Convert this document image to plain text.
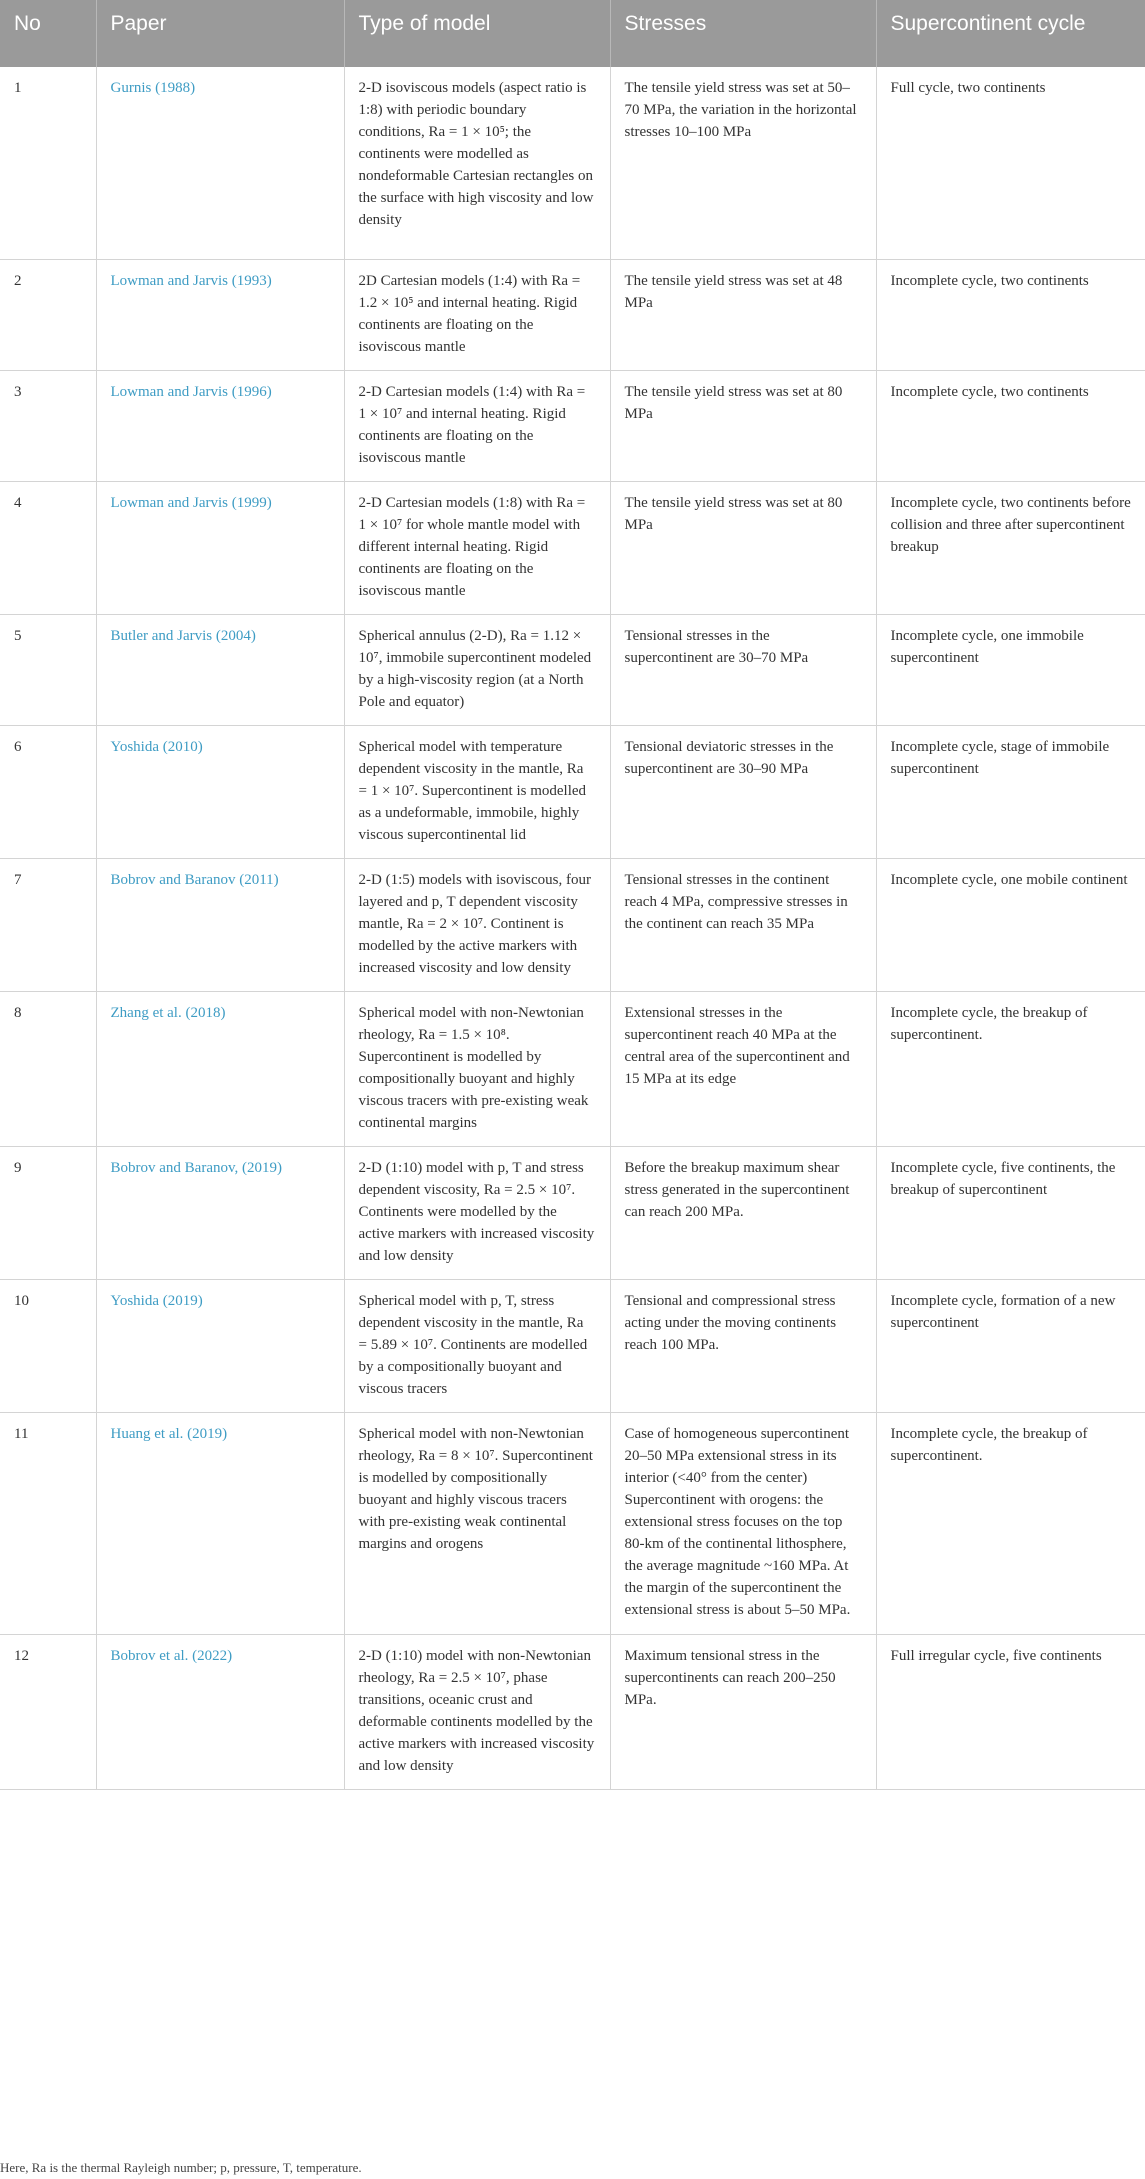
No	Paper	Type of model	Stresses	Supercontinent cycle
1	Gurnis (1988)	2-D isoviscous models (aspect ratio is 1:8) with periodic boundary conditions, Ra = 1 × 10⁵; the continents were modelled as nondeformable Cartesian rectangles on the surface with high viscosity and low density	The tensile yield stress was set at 50–70 MPa, the variation in the horizontal stresses 10–100 MPa	Full cycle, two continents
2	Lowman and Jarvis (1993)	2D Cartesian models (1:4) with Ra = 1.2 × 10⁵ and internal heating. Rigid continents are floating on the isoviscous mantle	The tensile yield stress was set at 48 MPa	Incomplete cycle, two continents
3	Lowman and Jarvis (1996)	2-D Cartesian models (1:4) with Ra = 1 × 10⁷ and internal heating. Rigid continents are floating on the isoviscous mantle	The tensile yield stress was set at 80 MPa	Incomplete cycle, two continents
4	Lowman and Jarvis (1999)	2-D Cartesian models (1:8) with Ra = 1 × 10⁷ for whole mantle model with different internal heating. Rigid continents are floating on the isoviscous mantle	The tensile yield stress was set at 80 MPa	Incomplete cycle, two continents before collision and three after supercontinent breakup
5	Butler and Jarvis (2004)	Spherical annulus (2-D), Ra = 1.12 × 10⁷, immobile supercontinent modeled by a high-viscosity region (at a North Pole and equator)	Tensional stresses in the supercontinent are 30–70 MPa	Incomplete cycle, one immobile supercontinent
6	Yoshida (2010)	Spherical model with temperature dependent viscosity in the mantle, Ra = 1 × 10⁷. Supercontinent is modelled as a undeformable, immobile, highly viscous supercontinental lid	Tensional deviatoric stresses in the supercontinent are 30–90 MPa	Incomplete cycle, stage of immobile supercontinent
7	Bobrov and Baranov (2011)	2-D (1:5) models with isoviscous, four layered and p, T dependent viscosity mantle, Ra = 2 × 10⁷. Continent is modelled by the active markers with increased viscosity and low density	Tensional stresses in the continent reach 4 MPa, compressive stresses in the continent can reach 35 MPa	Incomplete cycle, one mobile continent
8	Zhang et al. (2018)	Spherical model with non-Newtonian rheology, Ra = 1.5 × 10⁸. Supercontinent is modelled by compositionally buoyant and highly viscous tracers with pre-existing weak continental margins	Extensional stresses in the supercontinent reach 40 MPa at the central area of the supercontinent and 15 MPa at its edge	Incomplete cycle, the breakup of supercontinent.
9	Bobrov and Baranov, (2019)	2-D (1:10) model with p, T and stress dependent viscosity, Ra = 2.5 × 10⁷. Continents were modelled by the active markers with increased viscosity and low density	Before the breakup maximum shear stress generated in the supercontinent can reach 200 MPa.	Incomplete cycle, five continents, the breakup of supercontinent
10	Yoshida (2019)	Spherical model with p, T, stress dependent viscosity in the mantle, Ra = 5.89 × 10⁷. Continents are modelled by a compositionally buoyant and viscous tracers	Tensional and compressional stress acting under the moving continents reach 100 MPa.	Incomplete cycle, formation of a new supercontinent
11	Huang et al. (2019)	Spherical model with non-Newtonian rheology, Ra = 8 × 10⁷. Supercontinent is modelled by compositionally buoyant and highly viscous tracers with pre-existing weak continental margins and orogens	Case of homogeneous supercontinent
20–50 MPa extensional stress in its interior (<40° from the center)
Supercontinent with orogens: the extensional stress focuses on the top 80-km of the continental lithosphere, the average magnitude ~160 MPa. At the margin of the supercontinent the extensional stress is about 5–50 MPa.	Incomplete cycle, the breakup of supercontinent.
12	Bobrov et al. (2022)	2-D (1:10) model with non-Newtonian rheology, Ra = 2.5 × 10⁷, phase transitions, oceanic crust and deformable continents modelled by the active markers with increased viscosity and low density	Maximum tensional stress in the supercontinents can reach 200–250 MPa.	Full irregular cycle, five continents
Here, Ra is the thermal Rayleigh number; p, pressure, T, temperature.
